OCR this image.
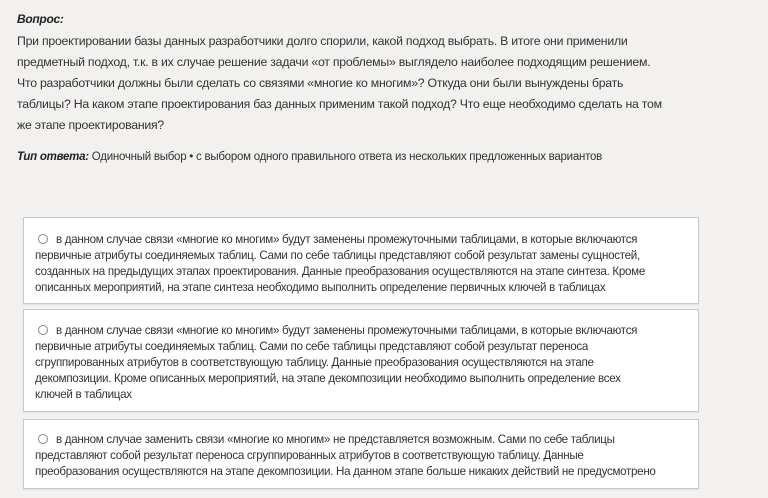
Вопрос:
При проектировании базы данных разработчики долго спорили, какой подход выбрать. В итоге они применили
предметный подход, т.к. в их случае решение задачи «от проблемы» выглядело наиболее подходящим решением.
Что разработчики должны были сделать со связями «многие ко многим»? Откуда они были вынуждены брать
таблицы? На каком этапе проектирования баз данных применим такой подход? Что еще необходимо сделать на том
же этапе проектирования?
Тип ответа: Одиночный выбор • с выбором одного правильного ответа из нескольких предложенных вариантов
в данном случае связи «многие ко многим» будут заменены промежуточными таблицами, в которые включаются
первичные атрибуты соединяемых таблиц. Сами по себе таблицы представляют собой результат замены сущностей,
созданных на предыдущих этапах проектирования. Данные преобразования осуществляются на этапе синтеза. Кроме
описанных мероприятий, на этапе синтеза необходимо выполнить определение первичных ключей в таблицах
в данном случае связи «многие ко многим» будут заменены промежуточными таблицами, в которые включаются
первичные атрибуты соединяемых таблиц. Сами по себе таблицы представляют собой результат переноса
сгруппированных атрибутов в соответствующую таблицу. Данные преобразования осуществляются на этапе
декомпозиции. Кроме описанных мероприятий, на этапе декомпозиции необходимо выполнить определение всех
ключей в таблицах
в данном случае заменить связи «многие ко многим» не представляется возможным. Сами по себе таблицы
представляют собой результат переноса сгруппированных атрибутов в соответствующую таблицу. Данные
преобразования осуществляются на этапе декомпозиции. На данном этапе больше никаких действий не предусмотрено
